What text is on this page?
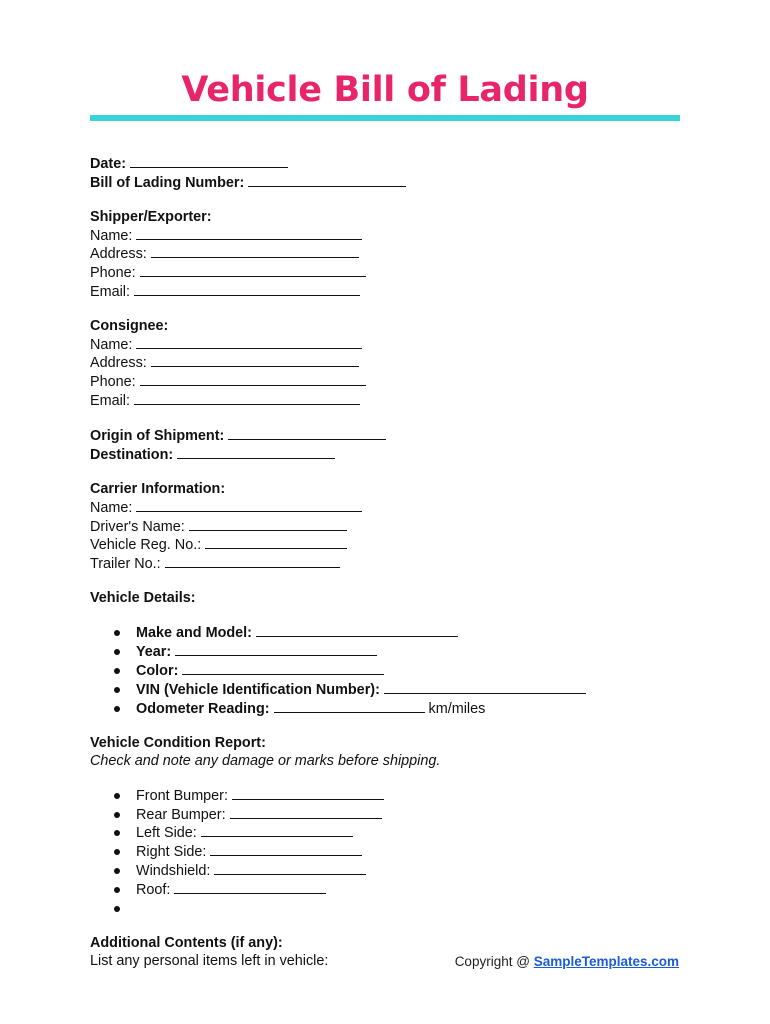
Vehicle Bill of Lading
Date:
Bill of Lading Number:
Shipper/Exporter:
Name:
Address:
Phone:
Email:
Consignee:
Name:
Address:
Phone:
Email:
Origin of Shipment:
Destination:
Carrier Information:
Name:
Driver's Name:
Vehicle Reg. No.:
Trailer No.:
Vehicle Details:
Make and Model:
Year:
Color:
VIN (Vehicle Identification Number):
Odometer Reading:	km/miles
Vehicle Condition Report:
Check and note any damage or marks before shipping.
Front Bumper:
Rear Bumper:
Left Side:
Right Side:
Windshield:
Roof:

Additional Contents (if any):
List any personal items left in vehicle:	Copyright @ SampleTemplates.com
